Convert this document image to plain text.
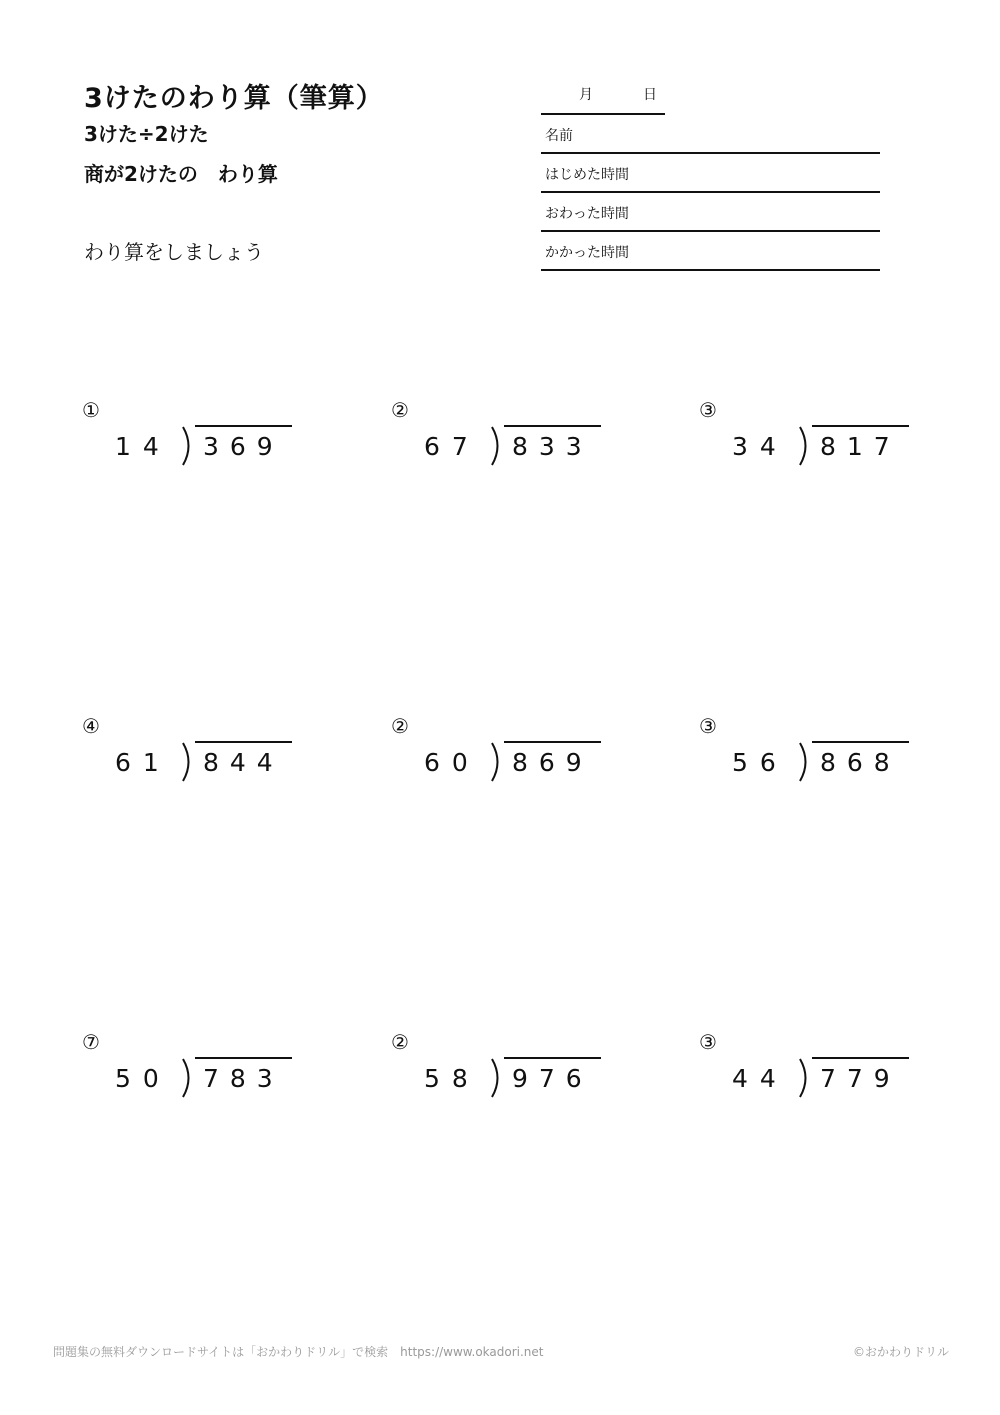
3けたのわり算（筆算）
3けた÷2けた
商が2けたの　わり算
わり算をしましょう
月	日
名前
はじめた時間
おわった時間
かかった時間
①
14 369
②
67 833
③
34 817
④
61 844
②
60 869
③
56 868
⑦
50 783
②
58 976
③
44 779
問題集の無料ダウンロードサイトは「おかわりドリル」で検索　https://www.okadori.net	©おかわりドリル
